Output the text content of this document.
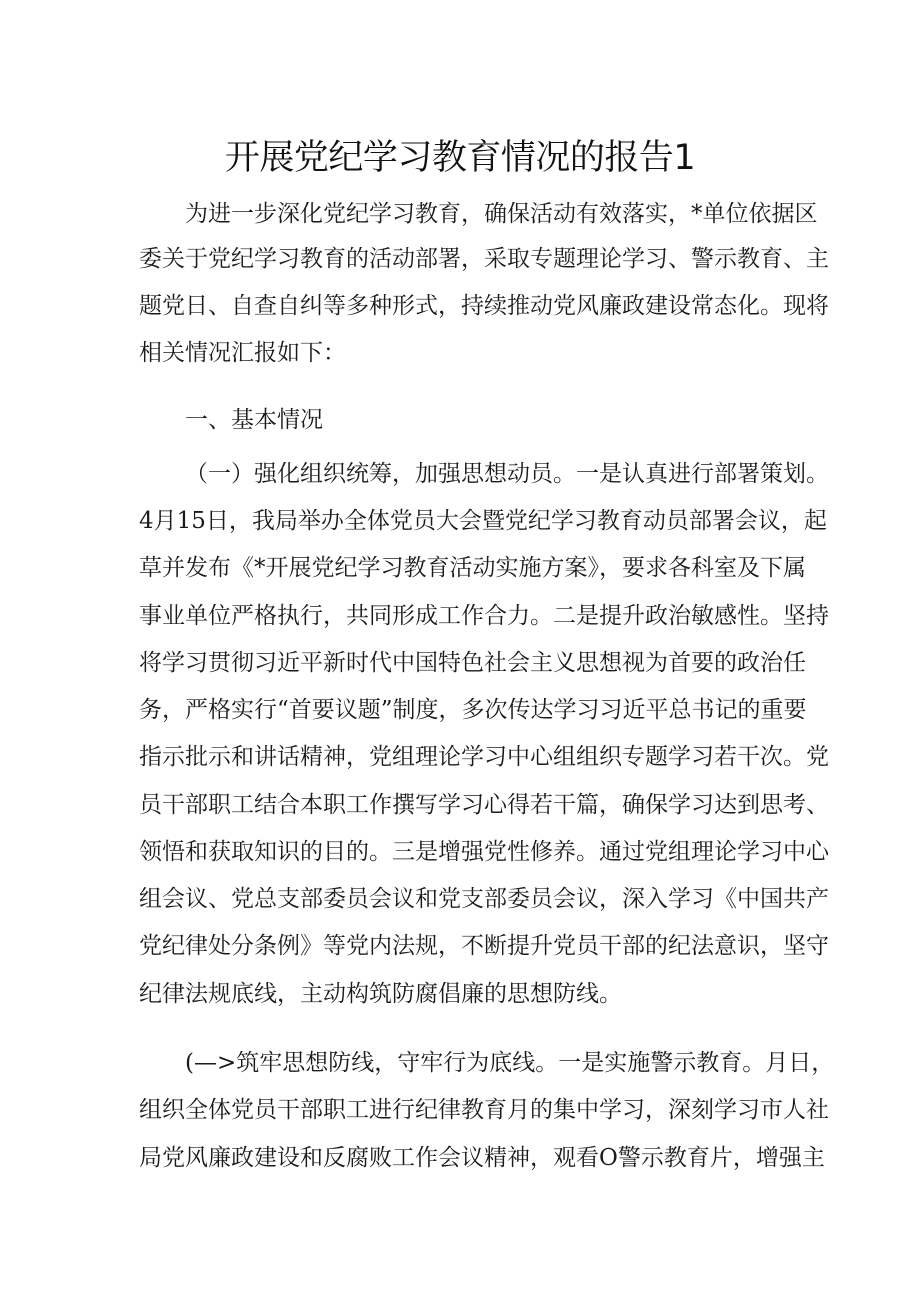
开展党纪学习教育情况的报告1
为进一步深化党纪学习教育，确保活动有效落实，*单位依据区
委关于党纪学习教育的活动部署，采取专题理论学习、警示教育、主
题党日、自查自纠等多种形式，持续推动党风廉政建设常态化。现将
相关情况汇报如下：
一、基本情况
（一）强化组织统筹，加强思想动员。一是认真进行部署策划。
4月15日，我局举办全体党员大会暨党纪学习教育动员部署会议，起
草并发布《*开展党纪学习教育活动实施方案》，要求各科室及下属
事业单位严格执行，共同形成工作合力。二是提升政治敏感性。坚持
将学习贯彻习近平新时代中国特色社会主义思想视为首要的政治任
务，严格实行“首要议题”制度，多次传达学习习近平总书记的重要
指示批示和讲话精神，党组理论学习中心组组织专题学习若干次。党
员干部职工结合本职工作撰写学习心得若干篇，确保学习达到思考、
领悟和获取知识的目的。三是增强党性修养。通过党组理论学习中心
组会议、党总支部委员会议和党支部委员会议，深入学习《中国共产
党纪律处分条例》等党内法规，不断提升党员干部的纪法意识，坚守
纪律法规底线，主动构筑防腐倡廉的思想防线。
(—>筑牢思想防线，守牢行为底线。一是实施警示教育。月日，
组织全体党员干部职工进行纪律教育月的集中学习，深刻学习市人社
局党风廉政建设和反腐败工作会议精神，观看O警示教育片，增强主
